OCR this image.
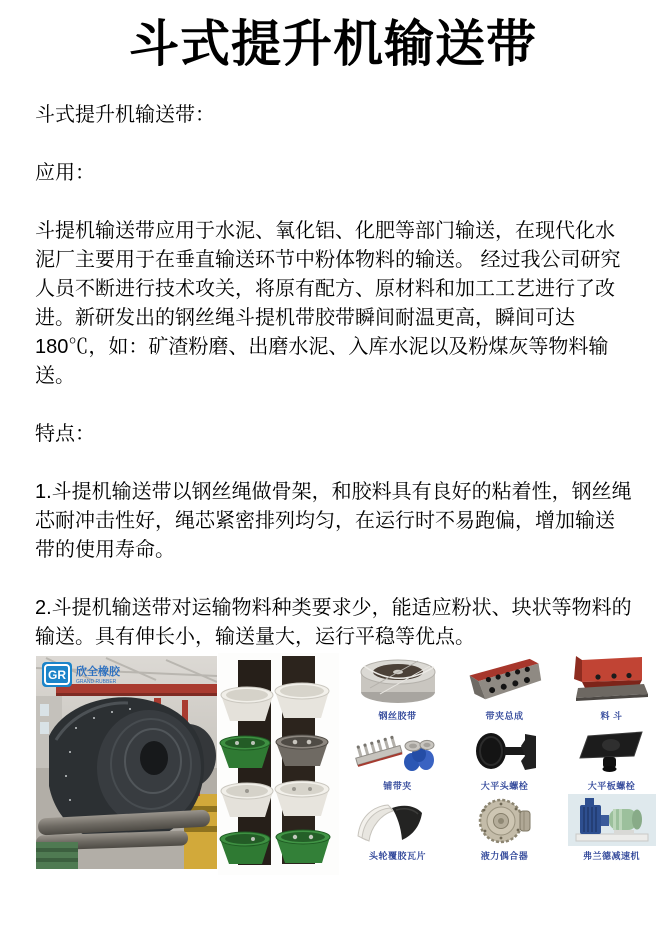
斗式提升机输送带

斗式提升机输送带：

应用：

斗提机输送带应用于水泥、氧化铝、化肥等部门输送，在现代化水泥厂主要用于在垂直输送环节中粉体物料的输送。 经过我公司研究人员不断进行技术攻关，将原有配方、原材料和加工工艺进行了改进。新研发出的钢丝绳斗提机带胶带瞬间耐温更高，瞬间可达180℃，如：矿渣粉磨、出磨水泥、入库水泥以及粉煤灰等物料输送。

特点：

1.斗提机输送带以钢丝绳做骨架，和胶料具有良好的粘着性，钢丝绳芯耐冲击性好，绳芯紧密排列均匀，在运行时不易跑偏，增加输送带的使用寿命。

2.斗提机输送带对运输物料种类要求少，能适应粉状、块状等物料的输送。具有伸长小，输送量大，运行平稳等优点。

GR 欣全橡胶
GRAND RUBBER
钢丝胶带	带夹总成	料 斗
铺带夹	大平头螺栓	大平板螺栓
头轮覆胶瓦片	液力偶合器	弗兰德减速机
